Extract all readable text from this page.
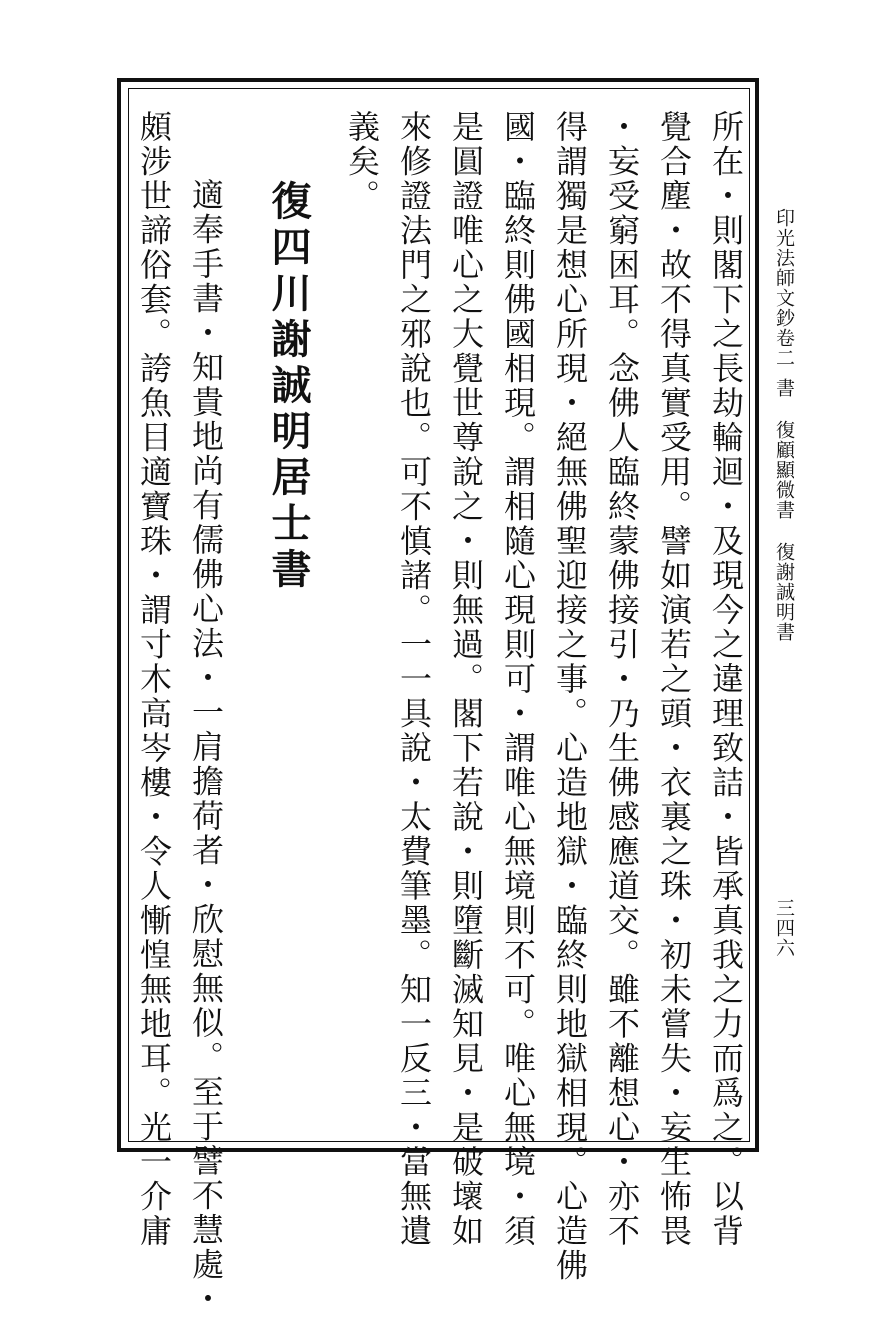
印光法師文鈔卷二書復顧顯微書復謝誠明書
三四六
所在・則閣下之長劫輪迴・及現今之違理致詰・皆承真我之力而爲之。以背
覺合塵・故不得真實受用。譬如演若之頭・衣裏之珠・初未嘗失・妄生怖畏
・妄受窮困耳。念佛人臨終蒙佛接引・乃生佛感應道交。雖不離想心・亦不
得謂獨是想心所現・絕無佛聖迎接之事。心造地獄・臨終則地獄相現。心造佛
國・臨終則佛國相現。謂相隨心現則可・謂唯心無境則不可。唯心無境・須
是圓證唯心之大覺世尊說之・則無過。閣下若說・則墮斷滅知見・是破壞如
來修證法門之邪說也。可不慎諸。一一具說・太費筆墨。知一反三・當無遺
義矣。
復四川謝誠明居士書
適奉手書・知貴地尚有儒佛心法・一肩擔荷者・欣慰無似。至于譬不慧處・
頗涉世諦俗套。誇魚目適寶珠・謂寸木高岑樓・令人慚惶無地耳。光一介庸
